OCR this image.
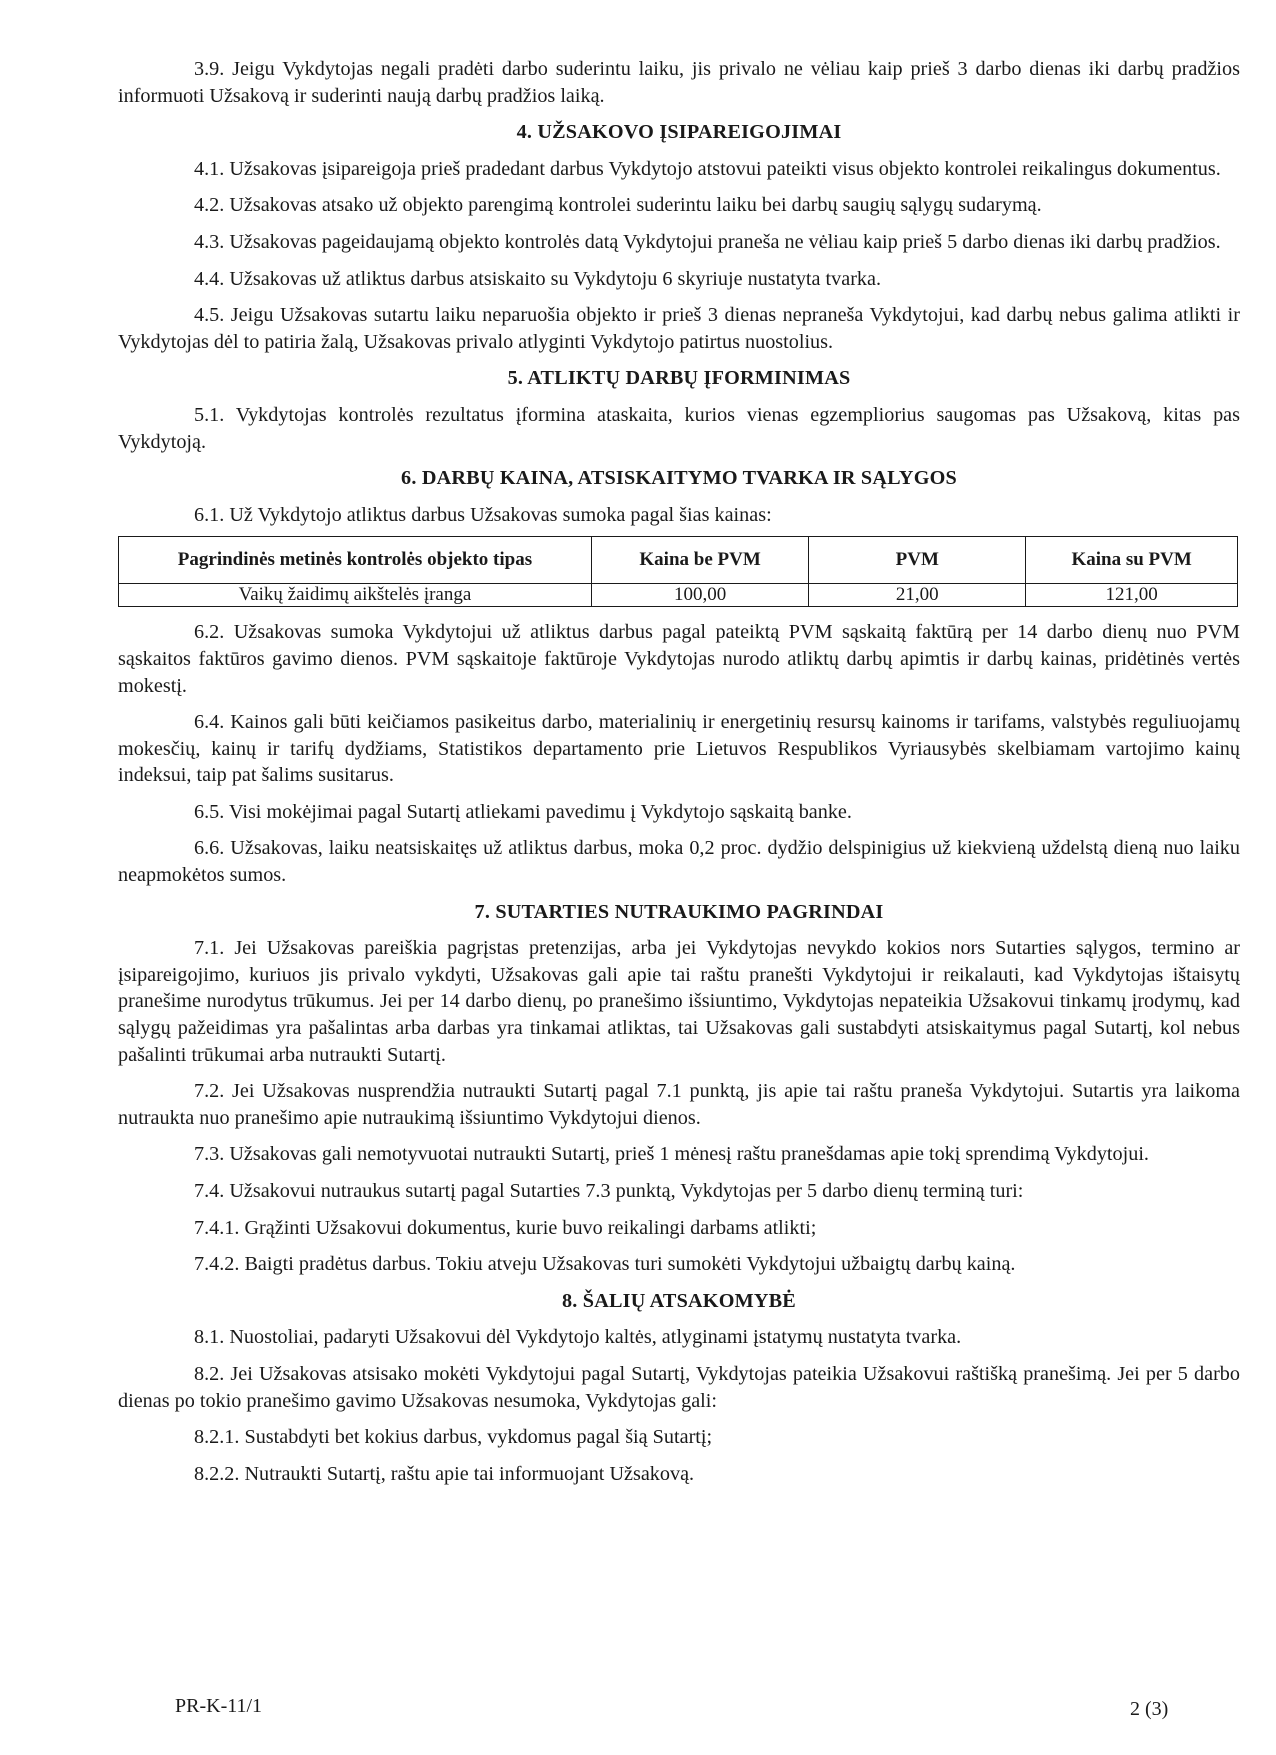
3.9. Jeigu Vykdytojas negali pradėti darbo suderintu laiku, jis privalo ne vėliau kaip prieš 3 darbo dienas iki darbų pradžios informuoti Užsakovą ir suderinti naują darbų pradžios laiką.

4. UŽSAKOVO ĮSIPAREIGOJIMAI

4.1. Užsakovas įsipareigoja prieš pradedant darbus Vykdytojo atstovui pateikti visus objekto kontrolei reikalingus dokumentus.

4.2. Užsakovas atsako už objekto parengimą kontrolei suderintu laiku bei darbų saugių sąlygų sudarymą.

4.3. Užsakovas pageidaujamą objekto kontrolės datą Vykdytojui praneša ne vėliau kaip prieš 5 darbo dienas iki darbų pradžios.

4.4. Užsakovas už atliktus darbus atsiskaito su Vykdytoju 6 skyriuje nustatyta tvarka.

4.5. Jeigu Užsakovas sutartu laiku neparuošia objekto ir prieš 3 dienas nepraneša Vykdytojui, kad darbų nebus galima atlikti ir Vykdytojas dėl to patiria žalą, Užsakovas privalo atlyginti Vykdytojo patirtus nuostolius.

5. ATLIKTŲ DARBŲ ĮFORMINIMAS

5.1. Vykdytojas kontrolės rezultatus įformina ataskaita, kurios vienas egzempliorius saugomas pas Užsakovą, kitas pas Vykdytoją.

6. DARBŲ KAINA, ATSISKAITYMO TVARKA IR SĄLYGOS

6.1. Už Vykdytojo atliktus darbus Užsakovas sumoka pagal šias kainas:

Pagrindinės metinės kontrolės objekto tipas	Kaina be PVM	PVM	Kaina su PVM
Vaikų žaidimų aikštelės įranga	100,00	21,00	121,00

6.2. Užsakovas sumoka Vykdytojui už atliktus darbus pagal pateiktą PVM sąskaitą faktūrą per 14 darbo dienų nuo PVM sąskaitos faktūros gavimo dienos. PVM sąskaitoje faktūroje Vykdytojas nurodo atliktų darbų apimtis ir darbų kainas, pridėtinės vertės mokestį.

6.4. Kainos gali būti keičiamos pasikeitus darbo, materialinių ir energetinių resursų kainoms ir tarifams, valstybės reguliuojamų mokesčių, kainų ir tarifų dydžiams, Statistikos departamento prie Lietuvos Respublikos Vyriausybės skelbiamam vartojimo kainų indeksui, taip pat šalims susitarus.

6.5. Visi mokėjimai pagal Sutartį atliekami pavedimu į Vykdytojo sąskaitą banke.

6.6. Užsakovas, laiku neatsiskaitęs už atliktus darbus, moka 0,2 proc. dydžio delspinigius už kiekvieną uždelstą dieną nuo laiku neapmokėtos sumos.

7. SUTARTIES NUTRAUKIMO PAGRINDAI

7.1. Jei Užsakovas pareiškia pagrįstas pretenzijas, arba jei Vykdytojas nevykdo kokios nors Sutarties sąlygos, termino ar įsipareigojimo, kuriuos jis privalo vykdyti, Užsakovas gali apie tai raštu pranešti Vykdytojui ir reikalauti, kad Vykdytojas ištaisytų pranešime nurodytus trūkumus. Jei per 14 darbo dienų, po pranešimo išsiuntimo, Vykdytojas nepateikia Užsakovui tinkamų įrodymų, kad sąlygų pažeidimas yra pašalintas arba darbas yra tinkamai atliktas, tai Užsakovas gali sustabdyti atsiskaitymus pagal Sutartį, kol nebus pašalinti trūkumai arba nutraukti Sutartį.

7.2. Jei Užsakovas nusprendžia nutraukti Sutartį pagal 7.1 punktą, jis apie tai raštu praneša Vykdytojui. Sutartis yra laikoma nutraukta nuo pranešimo apie nutraukimą išsiuntimo Vykdytojui dienos.

7.3. Užsakovas gali nemotyvuotai nutraukti Sutartį, prieš 1 mėnesį raštu pranešdamas apie tokį sprendimą Vykdytojui.

7.4. Užsakovui nutraukus sutartį pagal Sutarties 7.3 punktą, Vykdytojas per 5 darbo dienų terminą turi:

7.4.1. Grąžinti Užsakovui dokumentus, kurie buvo reikalingi darbams atlikti;

7.4.2. Baigti pradėtus darbus. Tokiu atveju Užsakovas turi sumokėti Vykdytojui užbaigtų darbų kainą.

8. ŠALIŲ ATSAKOMYBĖ

8.1. Nuostoliai, padaryti Užsakovui dėl Vykdytojo kaltės, atlyginami įstatymų nustatyta tvarka.

8.2. Jei Užsakovas atsisako mokėti Vykdytojui pagal Sutartį, Vykdytojas pateikia Užsakovui raštišką pranešimą. Jei per 5 darbo dienas po tokio pranešimo gavimo Užsakovas nesumoka, Vykdytojas gali:

8.2.1. Sustabdyti bet kokius darbus, vykdomus pagal šią Sutartį;

8.2.2. Nutraukti Sutartį, raštu apie tai informuojant Užsakovą.

PR-K-11/1	2 (3)
